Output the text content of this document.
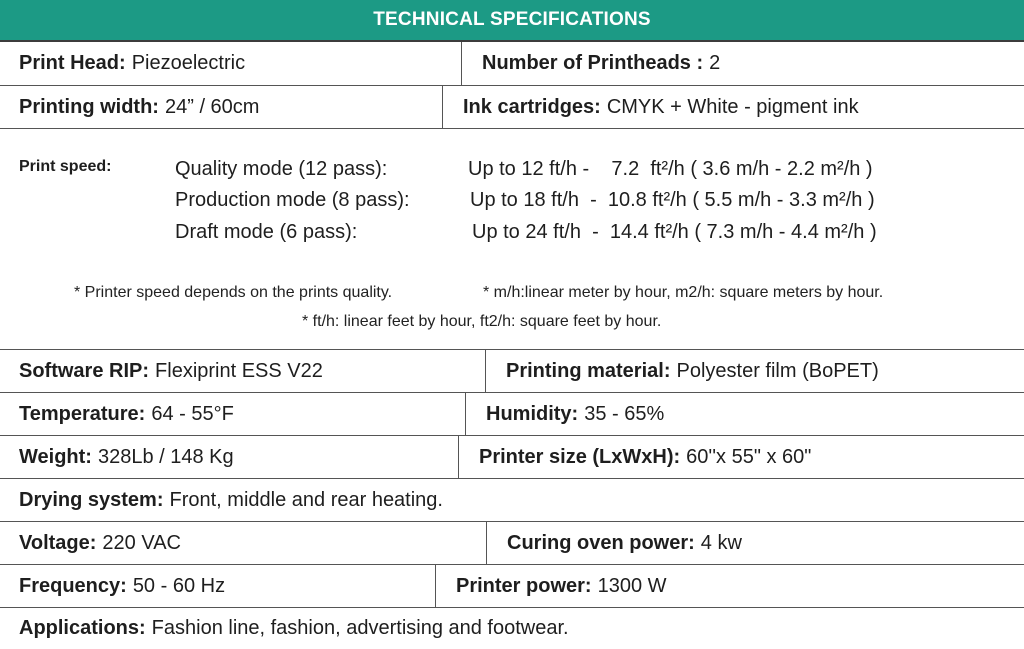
TECHNICAL SPECIFICATIONS
Print Head: Piezoelectric	Number of Printheads : 2
Printing width: 24” / 60cm	Ink cartridges: CMYK + White - pigment ink
Print speed:	Quality mode (12 pass):	Up to 12 ft/h -    7.2  ft²/h ( 3.6 m/h - 2.2 m²/h )
Production mode (8 pass):	Up to 18 ft/h  -  10.8 ft²/h ( 5.5 m/h - 3.3 m²/h )
Draft mode (6 pass):	Up to 24 ft/h  -  14.4 ft²/h ( 7.3 m/h - 4.4 m²/h )
* Printer speed depends on the prints quality.	* m/h:linear meter by hour, m2/h: square meters by hour.
* ft/h: linear feet by hour, ft2/h: square feet by hour.
Software RIP: Flexiprint ESS V22	Printing material: Polyester film (BoPET)
Temperature: 64 - 55°F	Humidity: 35 - 65%
Weight: 328Lb / 148 Kg	Printer size (LxWxH): 60''x 55" x 60"
Drying system: Front, middle and rear heating.
Voltage: 220 VAC	Curing oven power: 4 kw
Frequency: 50 - 60 Hz	Printer power: 1300 W
Applications: Fashion line, fashion, advertising and footwear.
